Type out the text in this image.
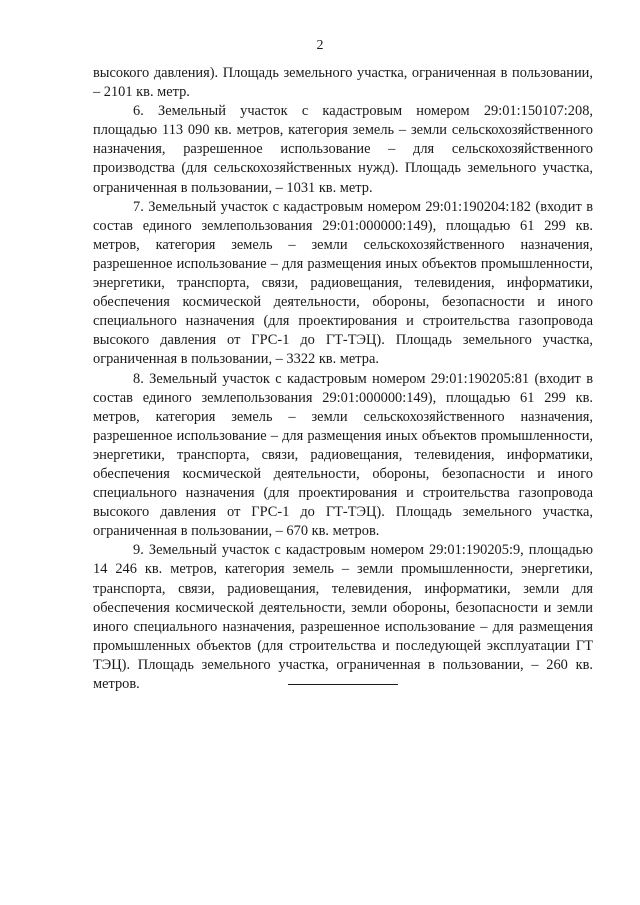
2

высокого давления). Площадь земельного участка, ограниченная в пользовании, – 2101 кв. метр.

6. Земельный участок с кадастровым номером 29:01:150107:208, площадью 113 090 кв. метров, категория земель – земли сельскохозяйственного назначения, разрешенное использование – для сельскохозяйственного производства (для сельскохозяйственных нужд). Площадь земельного участка, ограниченная в пользовании, – 1031 кв. метр.

7. Земельный участок с кадастровым номером 29:01:190204:182 (входит в состав единого землепользования 29:01:000000:149), площадью 61 299 кв. метров, категория земель – земли сельскохозяйственного назначения, разрешенное использование – для размещения иных объектов промышленности, энергетики, транспорта, связи, радиовещания, телевидения, информатики, обеспечения космической деятельности, обороны, безопасности и иного специального назначения (для проектирования и строительства газопровода высокого давления от ГРС-1 до ГТ-ТЭЦ). Площадь земельного участка, ограниченная в пользовании, – 3322 кв. метра.

8. Земельный участок с кадастровым номером 29:01:190205:81 (входит в состав единого землепользования 29:01:000000:149), площадью 61 299 кв. метров, категория земель – земли сельскохозяйственного назначения, разрешенное использование – для размещения иных объектов промышленности, энергетики, транспорта, связи, радиовещания, телевидения, информатики, обеспечения космической деятельности, обороны, безопасности и иного специального назначения (для проектирования и строительства газопровода высокого давления от ГРС-1 до ГТ-ТЭЦ). Площадь земельного участка, ограниченная в пользовании, – 670 кв. метров.

9. Земельный участок с кадастровым номером 29:01:190205:9, площадью 14 246 кв. метров, категория земель – земли промышленности, энергетики, транспорта, связи, радиовещания, телевидения, информатики, земли для обеспечения космической деятельности, земли обороны, безопасности и земли иного специального назначения, разрешенное использование – для размещения промышленных объектов (для строительства и последующей эксплуатации ГТ ТЭЦ). Площадь земельного участка, ограниченная в пользовании, – 260 кв. метров.
